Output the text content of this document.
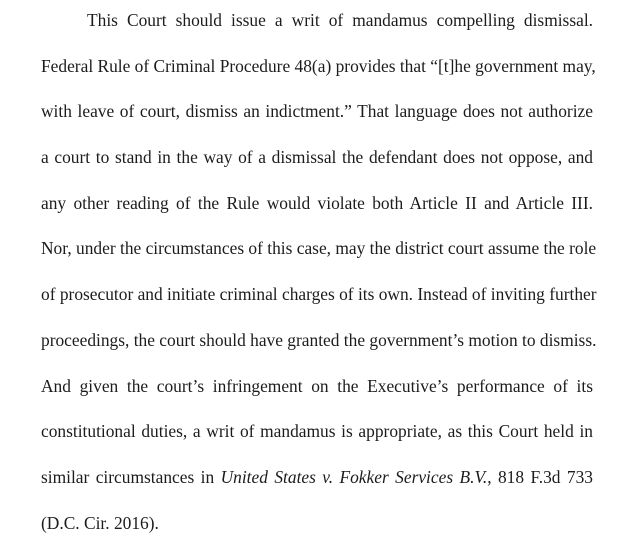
This Court should issue a writ of mandamus compelling dismissal.
Federal Rule of Criminal Procedure 48(a) provides that “[t]he government may,
with leave of court, dismiss an indictment.” That language does not authorize
a court to stand in the way of a dismissal the defendant does not oppose, and
any other reading of the Rule would violate both Article II and Article III.
Nor, under the circumstances of this case, may the district court assume the role
of prosecutor and initiate criminal charges of its own. Instead of inviting further
proceedings, the court should have granted the government’s motion to dismiss.
And given the court’s infringement on the Executive’s performance of its
constitutional duties, a writ of mandamus is appropriate, as this Court held in
similar circumstances in United States v. Fokker Services B.V., 818 F.3d 733
(D.C. Cir. 2016).
